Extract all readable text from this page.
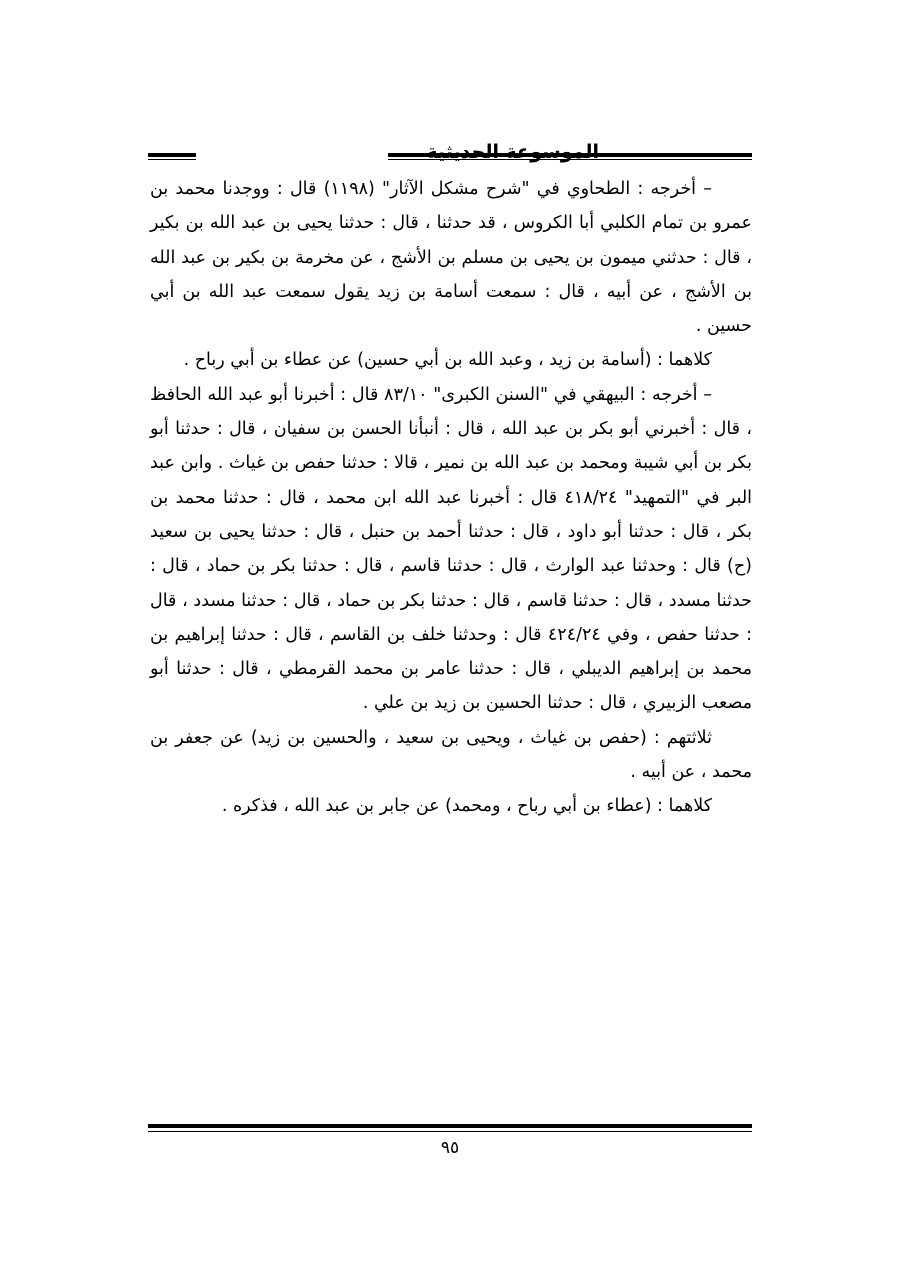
الموسوعة الحديثية

– أخرجه : الطحاوي في "شرح مشكل الآثار" (١١٩٨) قال : ووجدنا محمد بن عمرو بن تمام الكلبي أبا الكروس ، قد حدثنا ، قال : حدثنا يحيى بن عبد الله بن بكير ، قال : حدثني ميمون بن يحيى بن مسلم بن الأشج ، عن مخرمة بن بكير بن عبد الله بن الأشج ، عن أبيه ، قال : سمعت أسامة بن زيد يقول سمعت عبد الله بن أبي حسين .

كلاهما : (أسامة بن زيد ، وعبد الله بن أبي حسين) عن عطاء بن أبي رباح .

– أخرجه : البيهقي في "السنن الكبرى" ٨٣/١٠ قال : أخبرنا أبو عبد الله الحافظ ، قال : أخبرني أبو بكر بن عبد الله ، قال : أنبأنا الحسن بن سفيان ، قال : حدثنا أبو بكر بن أبي شيبة ومحمد بن عبد الله بن نمير ، قالا : حدثنا حفص بن غياث . وابن عبد البر في "التمهيد" ٤١٨/٢٤ قال : أخبرنا عبد الله ابن محمد ، قال : حدثنا محمد بن بكر ، قال : حدثنا أبو داود ، قال : حدثنا أحمد بن حنبل ، قال : حدثنا يحيى بن سعيد (ح) قال : وحدثنا عبد الوارث ، قال : حدثنا قاسم ، قال : حدثنا بكر بن حماد ، قال : حدثنا مسدد ، قال : حدثنا قاسم ، قال : حدثنا بكر بن حماد ، قال : حدثنا مسدد ، قال : حدثنا حفص ، وفي ٤٢٤/٢٤ قال : وحدثنا خلف بن القاسم ، قال : حدثنا إبراهيم بن محمد بن إبراهيم الديبلي ، قال : حدثنا عامر بن محمد القرمطي ، قال : حدثنا أبو مصعب الزبيري ، قال : حدثنا الحسين بن زيد بن علي .

ثلاثتهم : (حفص بن غياث ، ويحيى بن سعيد ، والحسين بن زيد) عن جعفر بن محمد ، عن أبيه .

كلاهما : (عطاء بن أبي رباح ، ومحمد) عن جابر بن عبد الله ، فذكره .

٩٥
